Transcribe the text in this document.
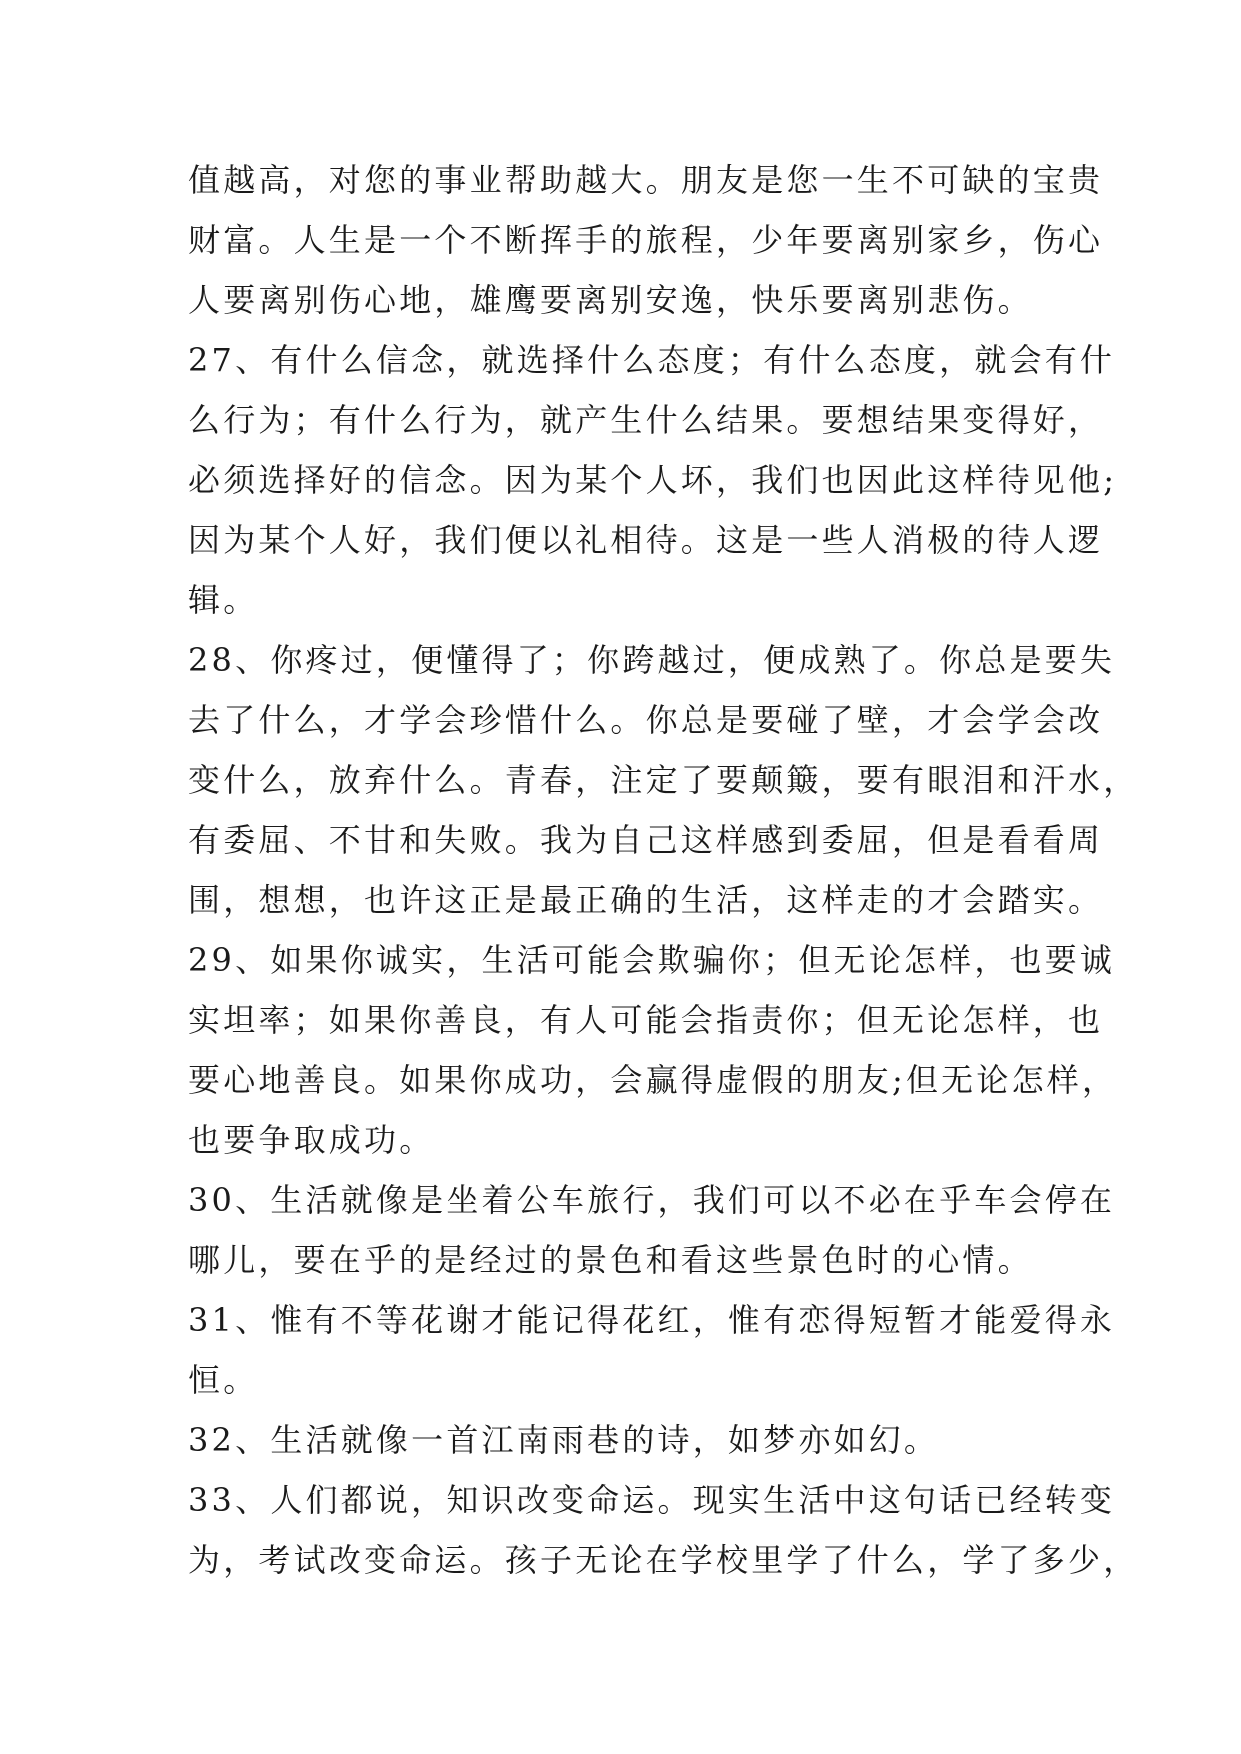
值越高，对您的事业帮助越大。朋友是您一生不可缺的宝贵
财富。人生是一个不断挥手的旅程，少年要离别家乡，伤心
人要离别伤心地，雄鹰要离别安逸，快乐要离别悲伤。
27、有什么信念，就选择什么态度；有什么态度，就会有什
么行为；有什么行为，就产生什么结果。要想结果变得好，
必须选择好的信念。因为某个人坏，我们也因此这样待见他;
因为某个人好，我们便以礼相待。这是一些人消极的待人逻
辑。
28、你疼过，便懂得了；你跨越过，便成熟了。你总是要失
去了什么，才学会珍惜什么。你总是要碰了壁，才会学会改
变什么，放弃什么。青春，注定了要颠簸，要有眼泪和汗水，
有委屈、不甘和失败。我为自己这样感到委屈，但是看看周
围，想想，也许这正是最正确的生活，这样走的才会踏实。
29、如果你诚实，生活可能会欺骗你；但无论怎样，也要诚
实坦率；如果你善良，有人可能会指责你；但无论怎样，也
要心地善良。如果你成功，会赢得虚假的朋友;但无论怎样，
也要争取成功。
30、生活就像是坐着公车旅行，我们可以不必在乎车会停在
哪儿，要在乎的是经过的景色和看这些景色时的心情。
31、惟有不等花谢才能记得花红，惟有恋得短暂才能爱得永
恒。
32、生活就像一首江南雨巷的诗，如梦亦如幻。
33、人们都说，知识改变命运。现实生活中这句话已经转变
为，考试改变命运。孩子无论在学校里学了什么，学了多少，
